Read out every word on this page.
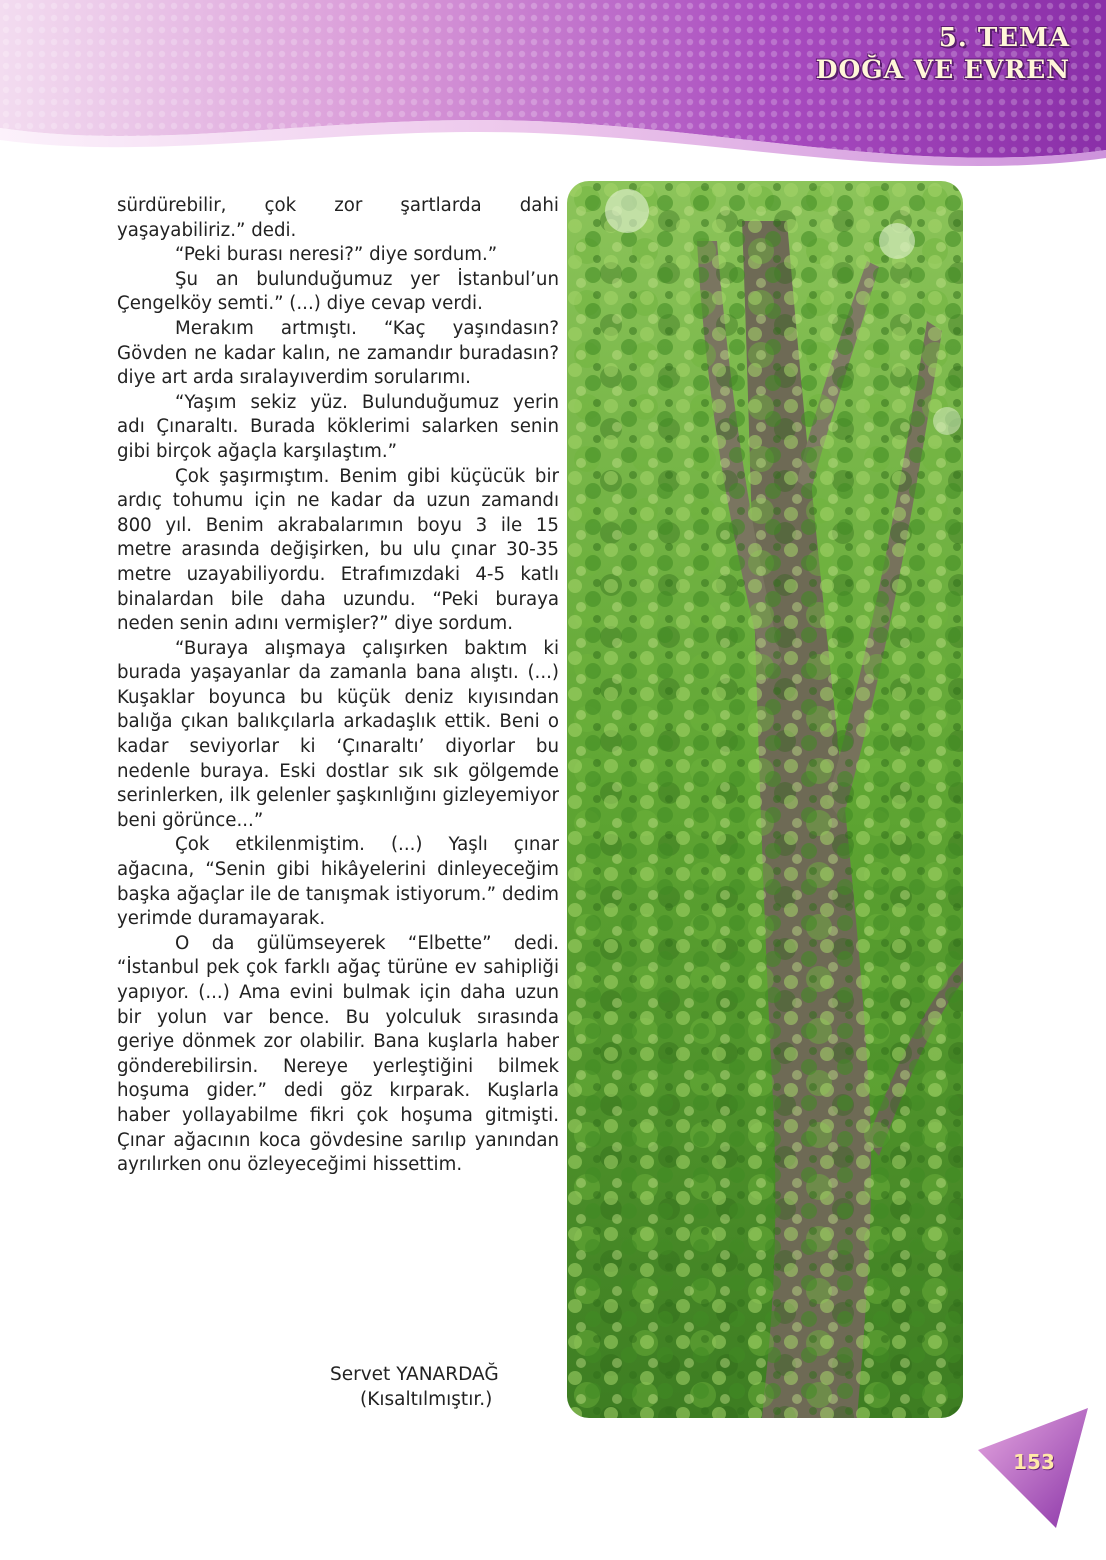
5. TEMA
DOĞA VE EVREN

sürdürebilir, çok zor şartlarda dahi yaşayabiliriz.” dedi.

“Peki burası neresi?” diye sordum.”

Şu an bulunduğumuz yer İstanbul’un Çengelköy semti.” (...) diye cevap verdi.

Merakım artmıştı. “Kaç yaşındasın? Gövden ne kadar kalın, ne zamandır buradasın? diye art arda sıralayıverdim sorularımı.

“Yaşım sekiz yüz. Bulunduğumuz yerin adı Çınaraltı. Burada köklerimi salarken senin gibi birçok ağaçla karşılaştım.”

Çok şaşırmıştım. Benim gibi küçücük bir ardıç tohumu için ne kadar da uzun zamandı 800 yıl. Benim akrabalarımın boyu 3 ile 15 metre arasında değişirken, bu ulu çınar 30-35 metre uzayabiliyordu. Etrafımızdaki 4-5 katlı binalardan bile daha uzundu. “Peki buraya neden senin adını vermişler?” diye sordum.

“Buraya alışmaya çalışırken baktım ki burada yaşayanlar da zamanla bana alıştı. (...) Kuşaklar boyunca bu küçük deniz kıyısından balığa çıkan balıkçılarla arkadaşlık ettik. Beni o kadar seviyorlar ki ‘Çınaraltı’ diyorlar bu nedenle buraya. Eski dostlar sık sık gölgemde serinlerken, ilk gelenler şaşkınlığını gizleyemiyor beni görünce...”

Çok etkilenmiştim. (...) Yaşlı çınar ağacına, “Senin gibi hikâyelerini dinleyeceğim başka ağaçlar ile de tanışmak istiyorum.” dedim yerimde duramayarak.

O da gülümseyerek “Elbette” dedi. “İstanbul pek çok farklı ağaç türüne ev sahipliği yapıyor. (...) Ama evini bulmak için daha uzun bir yolun var bence. Bu yolculuk sırasında geriye dönmek zor olabilir. Bana kuşlarla haber gönderebilirsin. Nereye yerleştiğini bilmek hoşuma gider.” dedi göz kırparak. Kuşlarla haber yollayabilme fikri çok hoşuma gitmişti. Çınar ağacının koca gövdesine sarılıp yanından ayrılırken onu özleyeceğimi hissettim.

Servet YANARDAĞ
(Kısaltılmıştır.)
153
